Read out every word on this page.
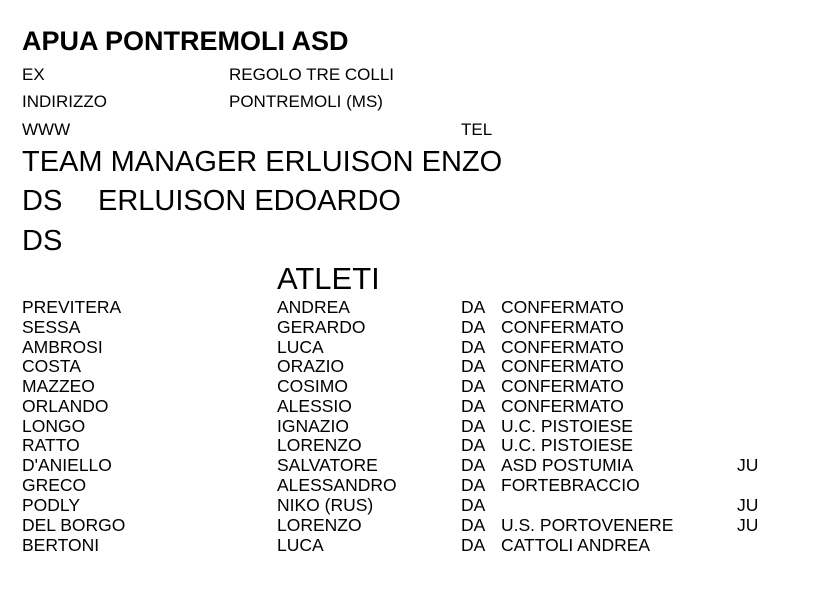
APUA PONTREMOLI ASD
EX	REGOLO TRE COLLI
INDIRIZZO	PONTREMOLI (MS)
WWW	TEL
TEAM MANAGER ERLUISON ENZO
DS ERLUISON EDOARDO
DS
ATLETI
PREVITERA	ANDREA	DA CONFERMATO
SESSA	GERARDO	DA CONFERMATO
AMBROSI	LUCA	DA CONFERMATO
COSTA	ORAZIO	DA CONFERMATO
MAZZEO	COSIMO	DA CONFERMATO
ORLANDO	ALESSIO	DA CONFERMATO
LONGO	IGNAZIO	DA U.C. PISTOIESE
RATTO	LORENZO	DA U.C. PISTOIESE
D'ANIELLO	SALVATORE	DA ASD POSTUMIA	JU
GRECO	ALESSANDRO	DA FORTEBRACCIO
PODLY	NIKO (RUS)	DA	JU
DEL BORGO	LORENZO	DA U.S. PORTOVENERE	JU
BERTONI	LUCA	DA CATTOLI ANDREA
